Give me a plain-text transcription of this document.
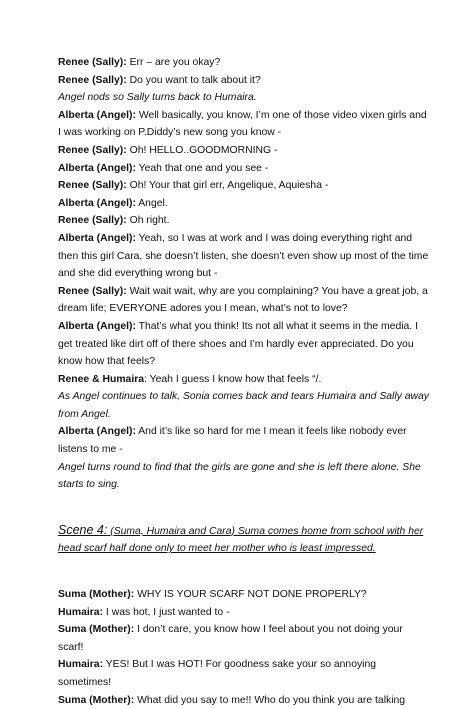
Renee (Sally): Err – are you okay?

Renee (Sally): Do you want to talk about it?

Angel nods so Sally turns back to Humaira.

Alberta (Angel): Well basically, you know, I’m one of those video vixen girls and I was working on P.Diddy’s new song you know -

Renee (Sally): Oh! HELLO..GOODMORNING -

Alberta (Angel): Yeah that one and you see -

Renee (Sally): Oh! Your that girl err, Angelique, Aquiesha -

Alberta (Angel): Angel.

Renee (Sally): Oh right.

Alberta (Angel): Yeah, so I was at work and I was doing everything right and then this girl Cara, she doesn’t listen, she doesn’t even show up most of the time and she did everything wrong but -

Renee (Sally): Wait wait wait, why are you complaining? You have a great job, a dream life; EVERYONE adores you I mean, what’s not to love?

Alberta (Angel): That’s what you think! Its not all what it seems in the media. I get treated like dirt off of there shoes and I’m hardly ever appreciated. Do you know how that feels?

Renee & Humaira: Yeah I guess I know how that feels “/.

As Angel continues to talk, Sonia comes back and tears Humaira and Sally away from Angel.

Alberta (Angel): And it’s like so hard for me I mean it feels like nobody ever listens to me -

Angel turns round to find that the girls are gone and she is left there alone. She starts to sing.

Scene 4: (Suma, Humaira and Cara) Suma comes home from school with her head scarf half done only to meet her mother who is least impressed.

Suma (Mother): WHY IS YOUR SCARF NOT DONE PROPERLY?

Humaira: I was hot, I just wanted to -

Suma (Mother): I don’t care, you know how I feel about you not doing your scarf!

Humaira: YES! But I was HOT! For goodness sake your so annoying sometimes!

Suma (Mother): What did you say to me!! Who do you think you are talking
